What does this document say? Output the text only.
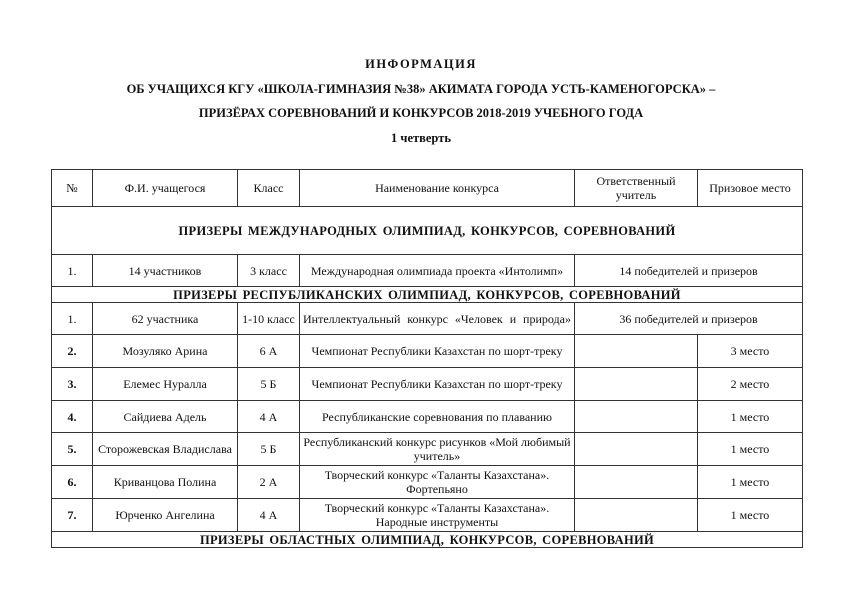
ИНФОРМАЦИЯ
ОБ УЧАЩИХСЯ КГУ «ШКОЛА-ГИМНАЗИЯ №38» АКИМАТА ГОРОДА УСТЬ-КАМЕНОГОРСКА» –
ПРИЗЁРАХ СОРЕВНОВАНИЙ И КОНКУРСОВ 2018-2019 УЧЕБНОГО ГОДА
1 четверть
№	Ф.И. учащегося	Класс	Наименование конкурса	Ответственный учитель	Призовое место
ПРИЗЕРЫ МЕЖДУНАРОДНЫХ ОЛИМПИАД, КОНКУРСОВ, СОРЕВНОВАНИЙ					
1.	14 участников	3 класс	Международная олимпиада проекта «Интолимп»	14 победителей и призеров	
ПРИЗЕРЫ РЕСПУБЛИКАНСКИХ ОЛИМПИАД, КОНКУРСОВ, СОРЕВНОВАНИЙ					
1.	62 участника	1-10 класс	Интеллектуальный конкурс «Человек и природа»	36 победителей и призеров	
2.	Мозуляко Арина	6 А	Чемпионат Республики Казахстан по шорт-треку		3 место
3.	Елемес Нуралла	5 Б	Чемпионат Республики Казахстан по шорт-треку		2 место
4.	Сайдиева Адель	4 А	Республиканские соревнования по плаванию		1 место
5.	Сторожевская Владислава	5 Б	Республиканский конкурс рисунков «Мой любимый учитель»		1 место
6.	Криванцова Полина	2 А	Творческий конкурс «Таланты Казахстана». Фортепьяно		1 место
7.	Юрченко Ангелина	4 А	Творческий конкурс «Таланты Казахстана». Народные инструменты		1 место
ПРИЗЕРЫ ОБЛАСТНЫХ ОЛИМПИАД, КОНКУРСОВ, СОРЕВНОВАНИЙ					
